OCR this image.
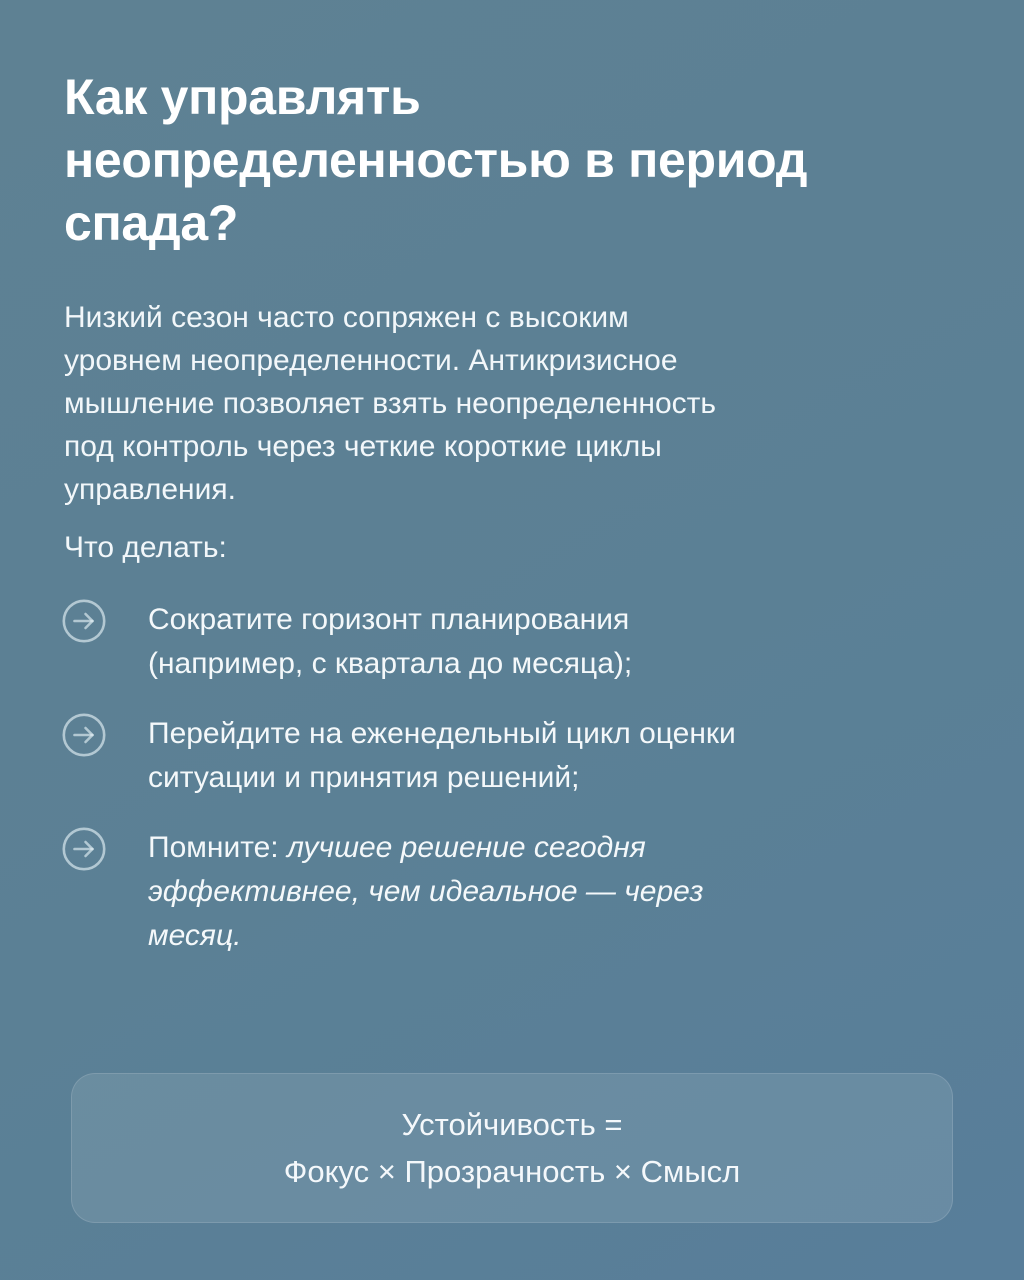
Как управлять
неопределенностью в период
спада?
Низкий сезон часто сопряжен с высоким
уровнем неопределенности. Антикризисное
мышление позволяет взять неопределенность
под контроль через четкие короткие циклы
управления.
Что делать:
Сократите горизонт планирования
(например, с квартала до месяца);
Перейдите на еженедельный цикл оценки
ситуации и принятия решений;
Помните: лучшее решение сегодня
эффективнее, чем идеальное — через
месяц.
Устойчивость =
Фокус × Прозрачность × Смысл
